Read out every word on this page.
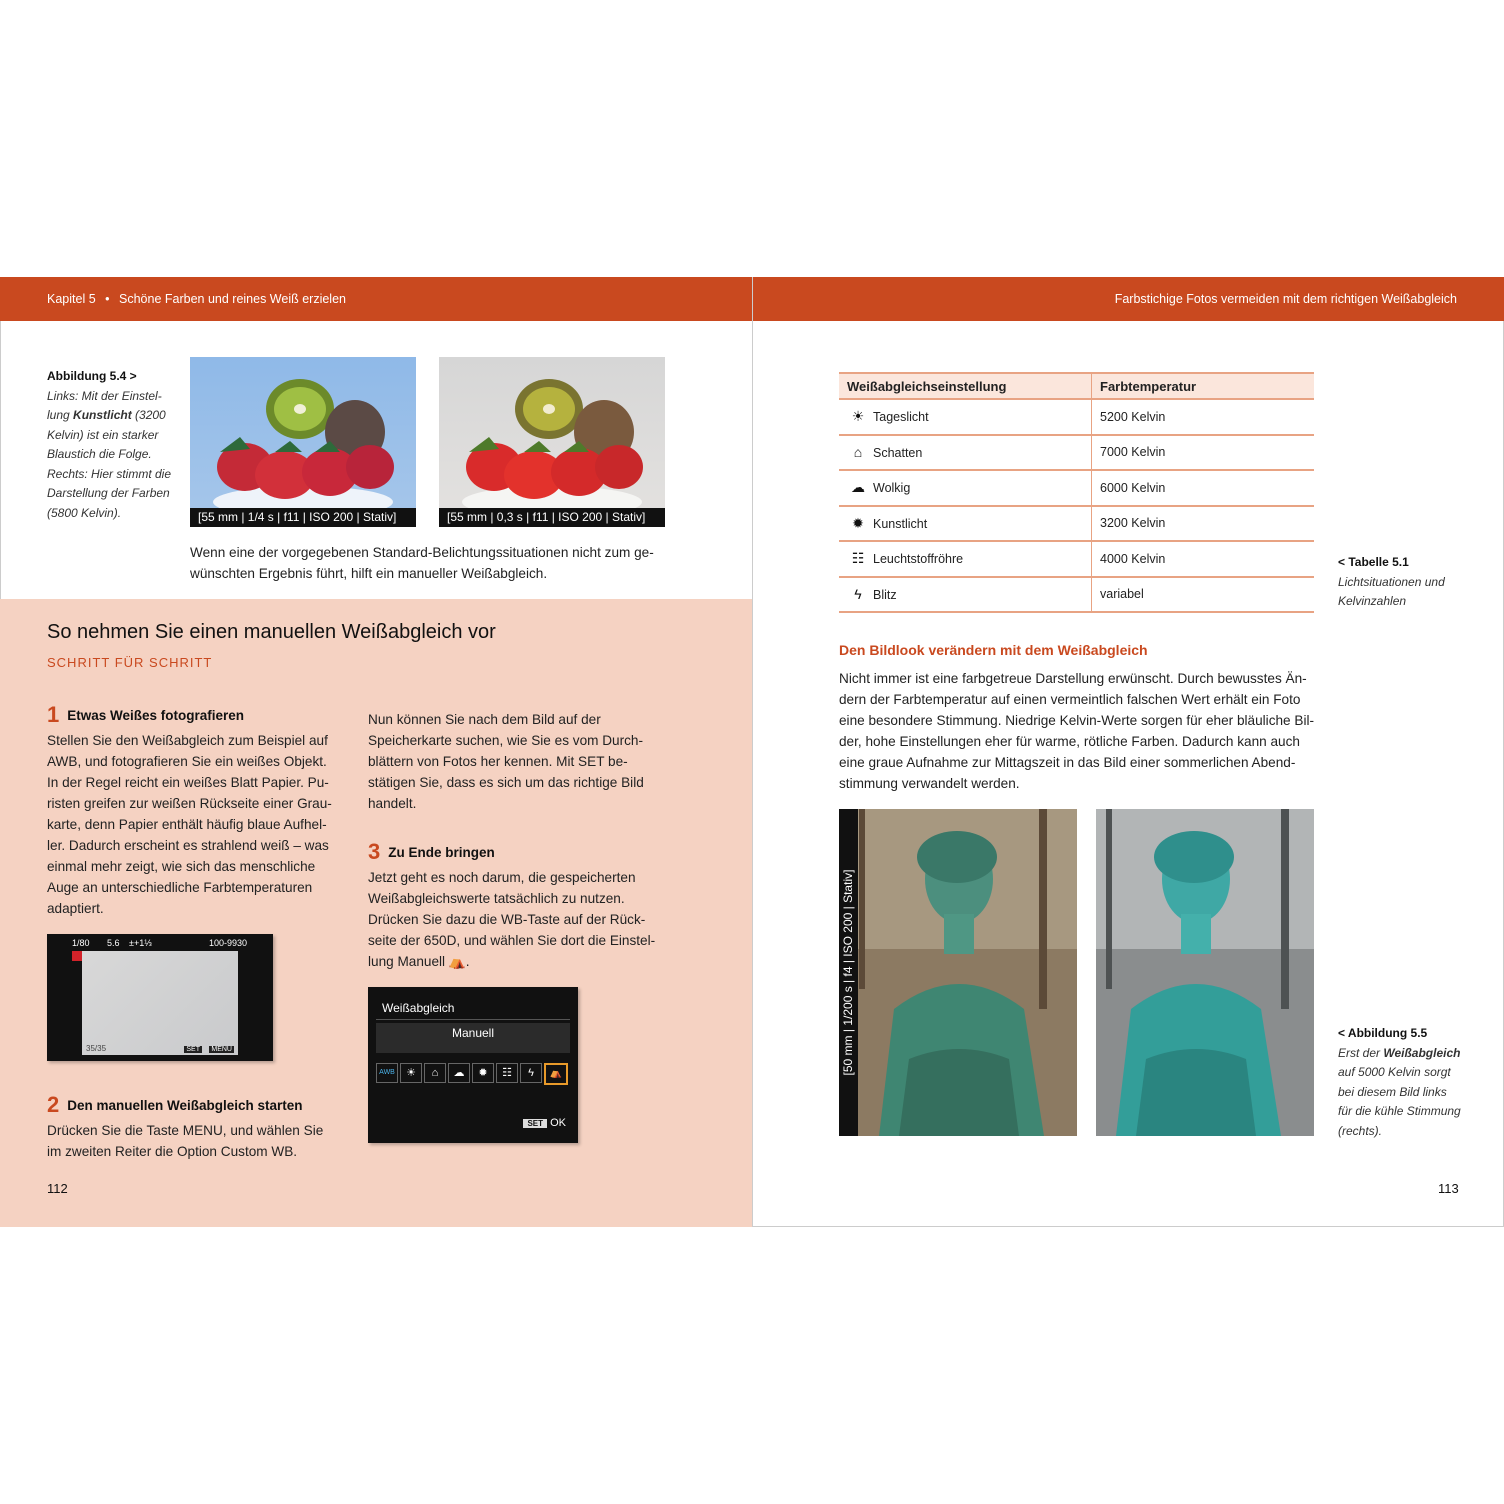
Kapitel 5 • Schöne Farben und reines Weiß erzielen	Farbstichige Fotos vermeiden mit dem richtigen Weißabgleich
Abbildung 5.4 >
Links: Mit der Einstel-
lung Kunstlicht (3200
Kelvin) ist ein starker
Blaustich die Folge.
Rechts: Hier stimmt die
Darstellung der Farben
(5800 Kelvin).	[55 mm | 1/4 s | f11 | ISO 200 | Stativ]	[55 mm | 0,3 s | f11 | ISO 200 | Stativ]
Wenn eine der vorgegebenen Standard-Belichtungssituationen nicht zum ge-
wünschten Ergebnis führt, hilft ein manueller Weißabgleich.
So nehmen Sie einen manuellen Weißabgleich vor
SCHRITT FÜR SCHRITT
1 Etwas Weißes fotografieren
Stellen Sie den Weißabgleich zum Beispiel auf
AWB, und fotografieren Sie ein weißes Objekt.
In der Regel reicht ein weißes Blatt Papier. Pu-
risten greifen zur weißen Rückseite einer Grau-
karte, denn Papier enthält häufig blaue Aufhel-
ler. Dadurch erscheint es strahlend weiß – was
einmal mehr zeigt, wie sich das menschliche
Auge an unterschiedliche Farbtemperaturen
adaptiert.
1/80 5.6 ±+1⅓	100-9930
35/35	SET MENU
2 Den manuellen Weißabgleich starten
Drücken Sie die Taste MENU, und wählen Sie
im zweiten Reiter die Option Custom WB.
Nun können Sie nach dem Bild auf der
Speicherkarte suchen, wie Sie es vom Durch-
blättern von Fotos her kennen. Mit SET be-
stätigen Sie, dass es sich um das richtige Bild
handelt.
3 Zu Ende bringen
Jetzt geht es noch darum, die gespeicherten
Weißabgleichswerte tatsächlich zu nutzen.
Drücken Sie dazu die WB-Taste auf der Rück-
seite der 650D, und wählen Sie dort die Einstel-
lung Manuell ⛺.
Weißabgleich
Manuell
AWB	☀	⌂	☁	✹	☷	ϟ	⛺
SET OK
112
Weißabgleichseinstellung	Farbtemperatur
☀ Tageslicht	5200 Kelvin
⌂ Schatten	7000 Kelvin
☁ Wolkig	6000 Kelvin
✹ Kunstlicht	3200 Kelvin
☷ Leuchtstoffröhre	4000 Kelvin
ϟ Blitz	variabel
< Tabelle 5.1
Lichtsituationen und
Kelvinzahlen
Den Bildlook verändern mit dem Weißabgleich
Nicht immer ist eine farbgetreue Darstellung erwünscht. Durch bewusstes Än-
dern der Farbtemperatur auf einen vermeintlich falschen Wert erhält ein Foto
eine besondere Stimmung. Niedrige Kelvin-Werte sorgen für eher bläuliche Bil-
der, hohe Einstellungen eher für warme, rötliche Farben. Dadurch kann auch
eine graue Aufnahme zur Mittagszeit in das Bild einer sommerlichen Abend-
stimmung verwandelt werden.
[50 mm | 1/200 s | f4 | ISO 200 | Stativ]	< Abbildung 5.5
Erst der Weißabgleich
auf 5000 Kelvin sorgt
bei diesem Bild links
für die kühle Stimmung
(rechts).
113
